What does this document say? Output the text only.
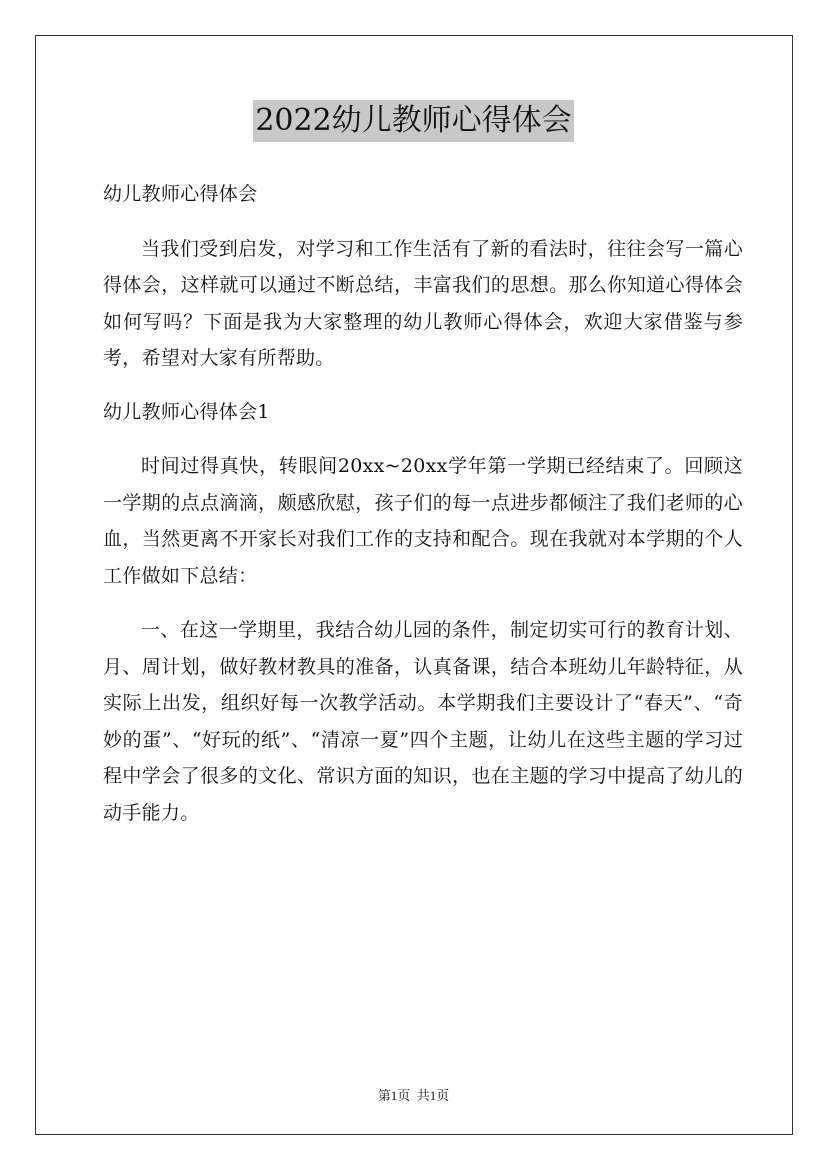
2022幼儿教师心得体会

幼儿教师心得体会

当我们受到启发，对学习和工作生活有了新的看法时，往往会写一篇心得体会，这样就可以通过不断总结，丰富我们的思想。那么你知道心得体会如何写吗？下面是我为大家整理的幼儿教师心得体会，欢迎大家借鉴与参考，希望对大家有所帮助。

幼儿教师心得体会1

时间过得真快，转眼间20xx~20xx学年第一学期已经结束了。回顾这一学期的点点滴滴，颇感欣慰，孩子们的每一点进步都倾注了我们老师的心血，当然更离不开家长对我们工作的支持和配合。现在我就对本学期的个人工作做如下总结：

一、在这一学期里，我结合幼儿园的条件，制定切实可行的教育计划、月、周计划，做好教材教具的准备，认真备课，结合本班幼儿年龄特征，从实际上出发，组织好每一次教学活动。本学期我们主要设计了“春天”、“奇妙的蛋”、“好玩的纸”、“清凉一夏”四个主题，让幼儿在这些主题的学习过程中学会了很多的文化、常识方面的知识，也在主题的学习中提高了幼儿的动手能力。

第1页  共1页
